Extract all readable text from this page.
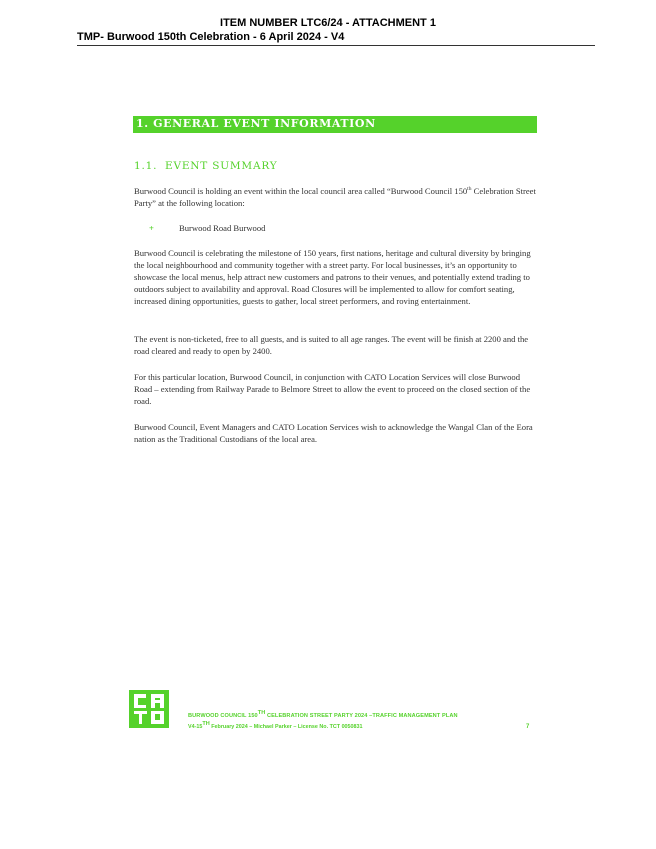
ITEM NUMBER LTC6/24 - ATTACHMENT 1
TMP- Burwood 150th Celebration - 6 April 2024 - V4
1. GENERAL EVENT INFORMATION
1.1. EVENT SUMMARY

Burwood Council is holding an event within the local council area called “Burwood Council 150th Celebration Street Party” at the following location:

+	Burwood Road Burwood

Burwood Council is celebrating the milestone of 150 years, first nations, heritage and cultural diversity by bringing the local neighbourhood and community together with a street party. For local businesses, it’s an opportunity to showcase the local menus, help attract new customers and patrons to their venues, and potentially extend trading to outdoors subject to availability and approval. Road Closures will be implemented to allow for comfort seating, increased dining opportunities, guests to gather, local street performers, and roving entertainment.

The event is non-ticketed, free to all guests, and is suited to all age ranges. The event will be finish at 2200 and the road cleared and ready to open by 2400.

For this particular location, Burwood Council, in conjunction with CATO Location Services will close Burwood Road – extending from Railway Parade to Belmore Street to allow the event to proceed on the closed section of the road.

Burwood Council, Event Managers and CATO Location Services wish to acknowledge the Wangal Clan of the Eora nation as the Traditional Custodians of the local area.

BURWOOD COUNCIL 150TH CELEBRATION STREET PARTY 2024 –TRAFFIC MANAGEMENT PLAN
V4-15TH February 2024 – Michael Parker – License No. TCT 0050831	7
